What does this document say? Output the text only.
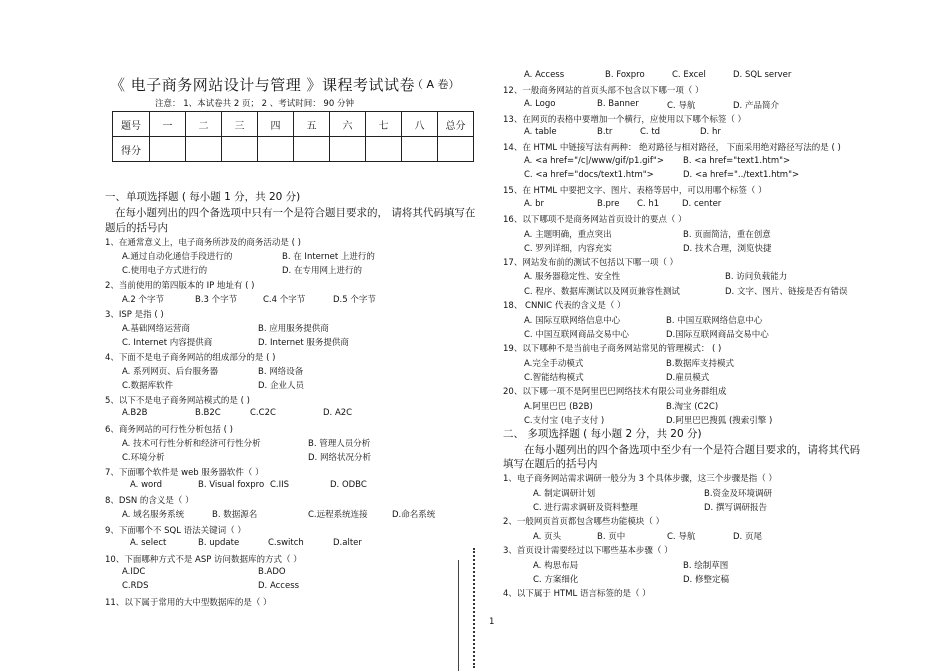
《 电子商务网站设计与管理 》课程考试试卷
（ A 卷）
注意： 1、本试卷共 2 页； 2 、考试时间： 90 分钟
题号	一	二	三	四	五	六	七	八	总分
得分									
一、单项选择题 ( 每小题 1 分，共 20 分)
在每小题列出的四个备选项中只有一个是符合题目要求的， 请将其代码填写在
题后的括号内
1、在通常意义上，电子商务所涉及的商务活动是 ( )
A.通过自动化通信手段进行的	B. 在 Internet 上进行的
C.使用电子方式进行的	D. 在专用网上进行的
2、当前使用的第四版本的 IP 地址有 ( )
A.2 个字节	B.3 个字节	C.4 个字节	D.5 个字节
3、ISP 是指 ( )
A.基础网络运营商	B. 应用服务提供商
C. Internet 内容提供商	D. Internet 服务提供商
4、下面不是电子商务网站的组成部分的是 ( )
A. 系列网页、后台服务器	B. 网络设备
C.数据库软件	D. 企业人员
5、以下不是电子商务网站模式的是 ( )
A.B2B	B.B2C	C.C2C	D. A2C
6、商务网站的可行性分析包括 ( )
A. 技术可行性分析和经济可行性分析	B. 管理人员分析
C.环境分析	D. 网络状况分析
7、下面哪个软件是 web 服务器软件（ ）
A. word	B. Visual foxpro C.IIS	D. ODBC
8、DSN 的含义是（ ）
A. 域名服务系统	B. 数据源名	C.远程系统连接	D.命名系统
9、下面哪个不 SQL 语法关键词（ ）
A. select	B. update	C.switch	D.alter
10、下面哪种方式不是 ASP 访问数据库的方式（ ）
A.IDC	B.ADO
C.RDS	D. Access
11、以下属于常用的大中型数据库的是（ ）
A. Access	B. Foxpro	C. Excel	D. SQL server
12、一般商务网站的首页头部不包含以下哪一项（ ）
A. Logo	B. Banner	C. 导航	D. 产品简介
13、在网页的表格中要增加一个横行，应使用以下哪个标签（ ）
A. table	B.tr	C. td	D. hr
14、在 HTML 中链接写法有两种： 绝对路径与相对路径， 下面采用绝对路径写法的是 ( )
A. <a href="/c|/www/gif/p1.gif"> B. <a href="text1.htm">
C. <a href="docs/text1.htm">	D. <a href="../text1.htm">
15、在 HTML 中要把文字、图片、表格等居中，可以用哪个标签（ ）
A. br	B.pre C. h1	D. center
16、以下哪项不是商务网站首页设计的要点（ ）
A. 主题明确，重点突出	B. 页面简洁，重在创意
C. 罗列详细，内容充实	D. 技术合理，浏览快捷
17、网站发布前的测试不包括以下哪一项（ ）
A. 服务器稳定性、安全性	B. 访问负载能力
C. 程序、数据库测试以及网页兼容性测试	D. 文字、图片、链接是否有错误
18、 CNNIC 代表的含义是（ ）
A. 国际互联网络信息中心	B. 中国互联网络信息中心
C. 中国互联网商品交易中心	D.国际互联网商品交易中心
19、以下哪种不是当前电子商务网站常见的管理模式： ( )
A.完全手动模式	B.数据库支持模式
C.智能结构模式	D.雇员模式
20、以下哪一项不是阿里巴巴网络技术有限公司业务群组成
A.阿里巴巴 (B2B)	B.淘宝 (C2C)
C.支付宝 (电子支付 )	D.阿里巴巴搜狐 (搜索引擎 )
二、 多项选择题 ( 每小题 2 分，共 20 分)
在每小题列出的四个备选项中至少有一个是符合题目要求的，请将其代码
填写在题后的括号内
1、电子商务网站需求调研一般分为 3 个具体步骤，这三个步骤是指（ ）
A. 制定调研计划	B.资金及环境调研
C. 进行需求调研及资料整理	D. 撰写调研报告
2、一般网页首页都包含哪些功能模块（ ）
A. 页头	B. 页中	C. 导航	D. 页尾
3、首页设计需要经过以下哪些基本步骤（ ）
A. 构思布局	B. 绘制草图
C. 方案细化	D. 修整定稿
4、以下属于 HTML 语言标签的是（ ）
1
